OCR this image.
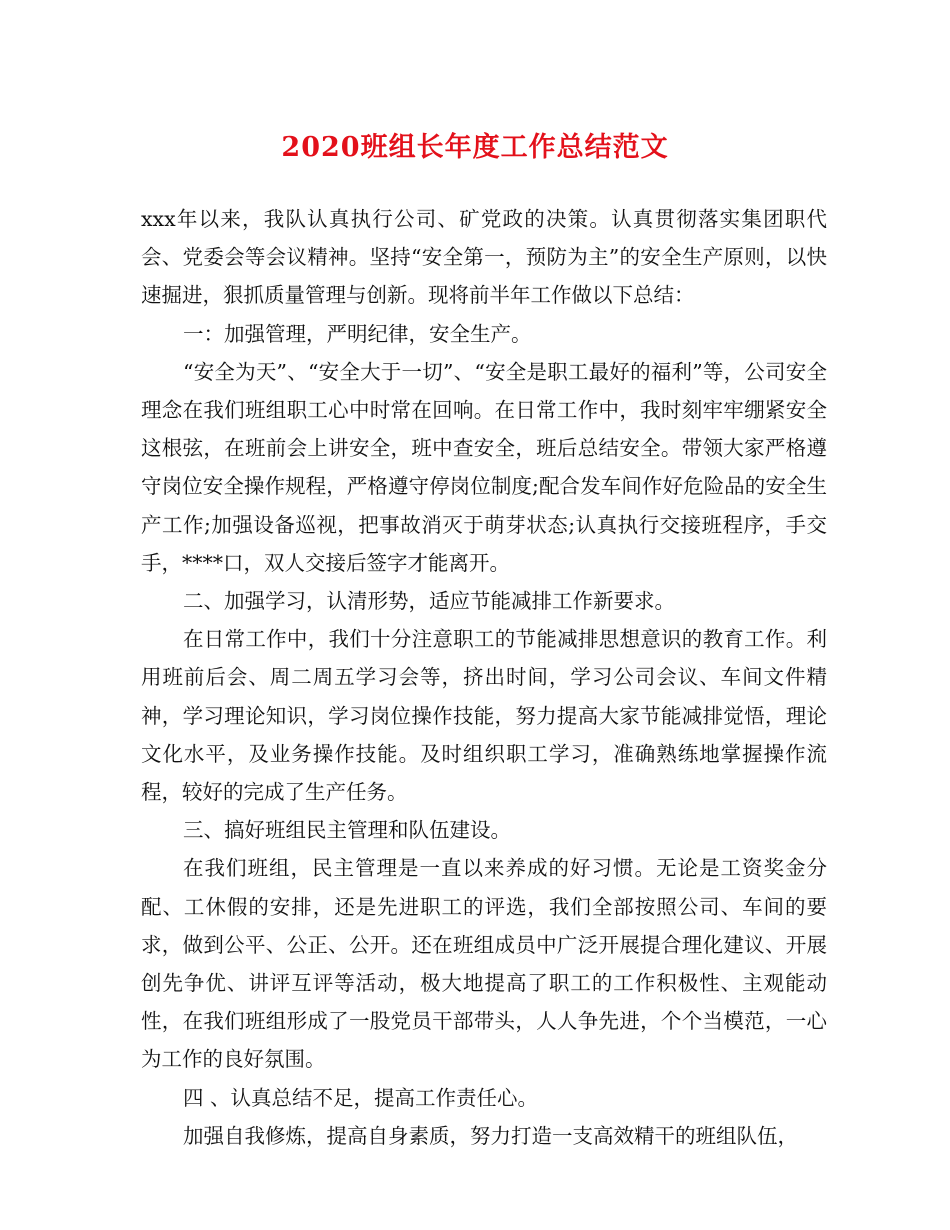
2020班组长年度工作总结范文

xxx年以来，我队认真执行公司、矿党政的决策。认真贯彻落实集团职代会、党委会等会议精神。坚持“安全第一，预防为主”的安全生产原则，以快速掘进，狠抓质量管理与创新。现将前半年工作做以下总结：

一：加强管理，严明纪律，安全生产。

“安全为天”、“安全大于一切”、“安全是职工最好的福利”等，公司安全理念在我们班组职工心中时常在回响。在日常工作中，我时刻牢牢绷紧安全这根弦，在班前会上讲安全，班中查安全，班后总结安全。带领大家严格遵守岗位安全操作规程，严格遵守停岗位制度;配合发车间作好危险品的安全生产工作;加强设备巡视，把事故消灭于萌芽状态;认真执行交接班程序，手交手，****口，双人交接后签字才能离开。

二、加强学习，认清形势，适应节能减排工作新要求。

在日常工作中，我们十分注意职工的节能减排思想意识的教育工作。利用班前后会、周二周五学习会等，挤出时间，学习公司会议、车间文件精神，学习理论知识，学习岗位操作技能，努力提高大家节能减排觉悟，理论文化水平，及业务操作技能。及时组织职工学习，准确熟练地掌握操作流程，较好的完成了生产任务。

三、搞好班组民主管理和队伍建设。

在我们班组，民主管理是一直以来养成的好习惯。无论是工资奖金分配、工休假的安排，还是先进职工的评选，我们全部按照公司、车间的要求，做到公平、公正、公开。还在班组成员中广泛开展提合理化建议、开展创先争优、讲评互评等活动，极大地提高了职工的工作积极性、主观能动性，在我们班组形成了一股党员干部带头，人人争先进，个个当模范，一心为工作的良好氛围。

四 、认真总结不足，提高工作责任心。

加强自我修炼，提高自身素质，努力打造一支高效精干的班组队伍，
